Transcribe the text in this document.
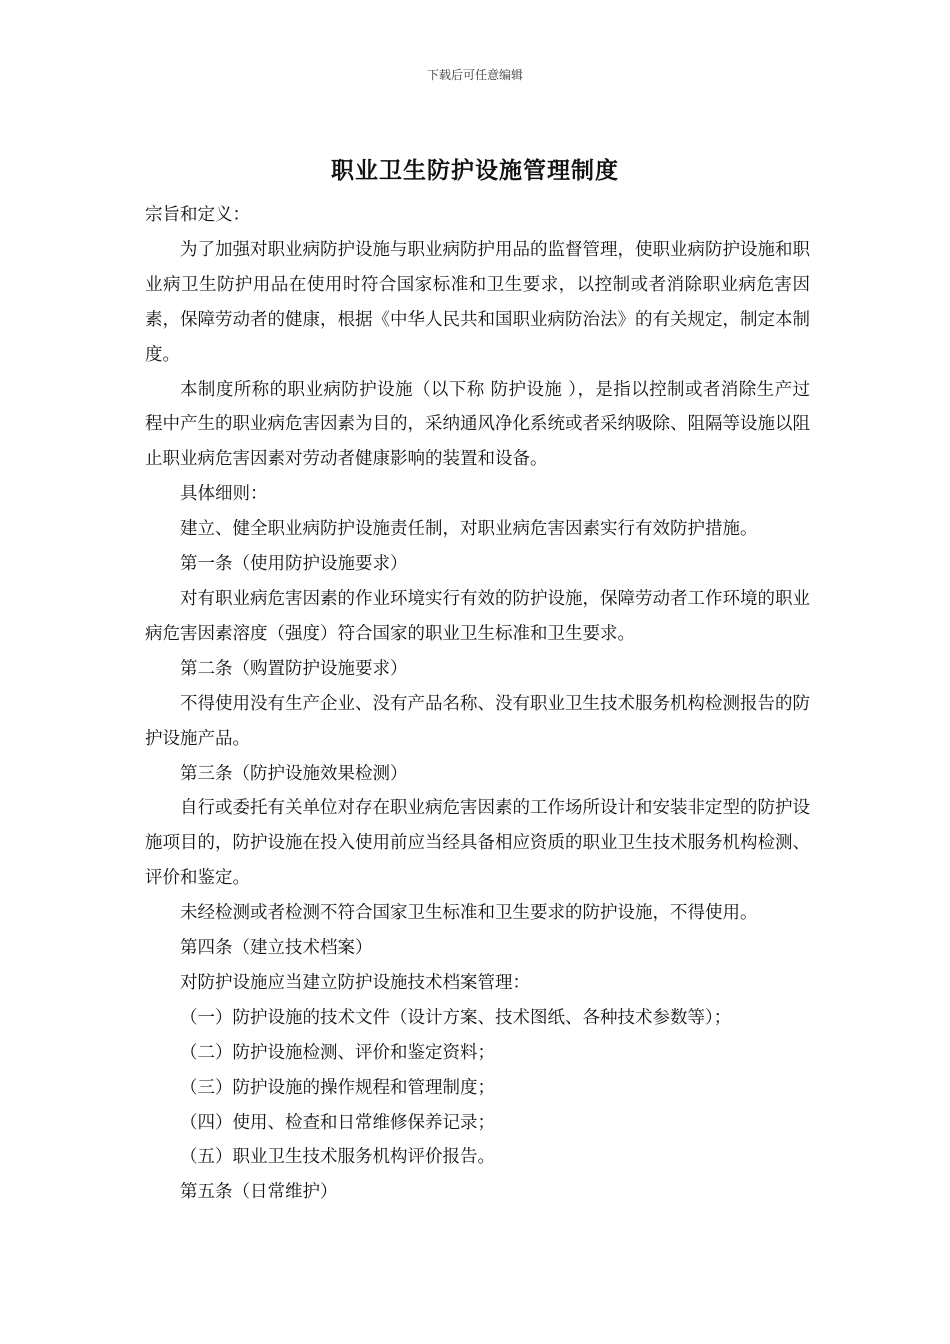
下载后可任意编辑
职业卫生防护设施管理制度

宗旨和定义：

为了加强对职业病防护设施与职业病防护用品的监督管理，使职业病防护设施和职业病卫生防护用品在使用时符合国家标准和卫生要求，以控制或者消除职业病危害因素，保障劳动者的健康，根据《中华人民共和国职业病防治法》的有关规定，制定本制度。

本制度所称的职业病防护设施（以下称 防护设施 ），是指以控制或者消除生产过程中产生的职业病危害因素为目的，采纳通风净化系统或者采纳吸除、阻隔等设施以阻止职业病危害因素对劳动者健康影响的装置和设备。

具体细则：

建立、健全职业病防护设施责任制，对职业病危害因素实行有效防护措施。

第一条（使用防护设施要求）

对有职业病危害因素的作业环境实行有效的防护设施，保障劳动者工作环境的职业病危害因素溶度（强度）符合国家的职业卫生标准和卫生要求。

第二条（购置防护设施要求）

不得使用没有生产企业、没有产品名称、没有职业卫生技术服务机构检测报告的防护设施产品。

第三条（防护设施效果检测）

自行或委托有关单位对存在职业病危害因素的工作场所设计和安装非定型的防护设施项目的，防护设施在投入使用前应当经具备相应资质的职业卫生技术服务机构检测、评价和鉴定。

未经检测或者检测不符合国家卫生标准和卫生要求的防护设施，不得使用。

第四条（建立技术档案）

对防护设施应当建立防护设施技术档案管理：

（一）防护设施的技术文件（设计方案、技术图纸、各种技术参数等）；

（二）防护设施检测、评价和鉴定资料；

（三）防护设施的操作规程和管理制度；

（四）使用、检查和日常维修保养记录；

（五）职业卫生技术服务机构评价报告。

第五条（日常维护）
